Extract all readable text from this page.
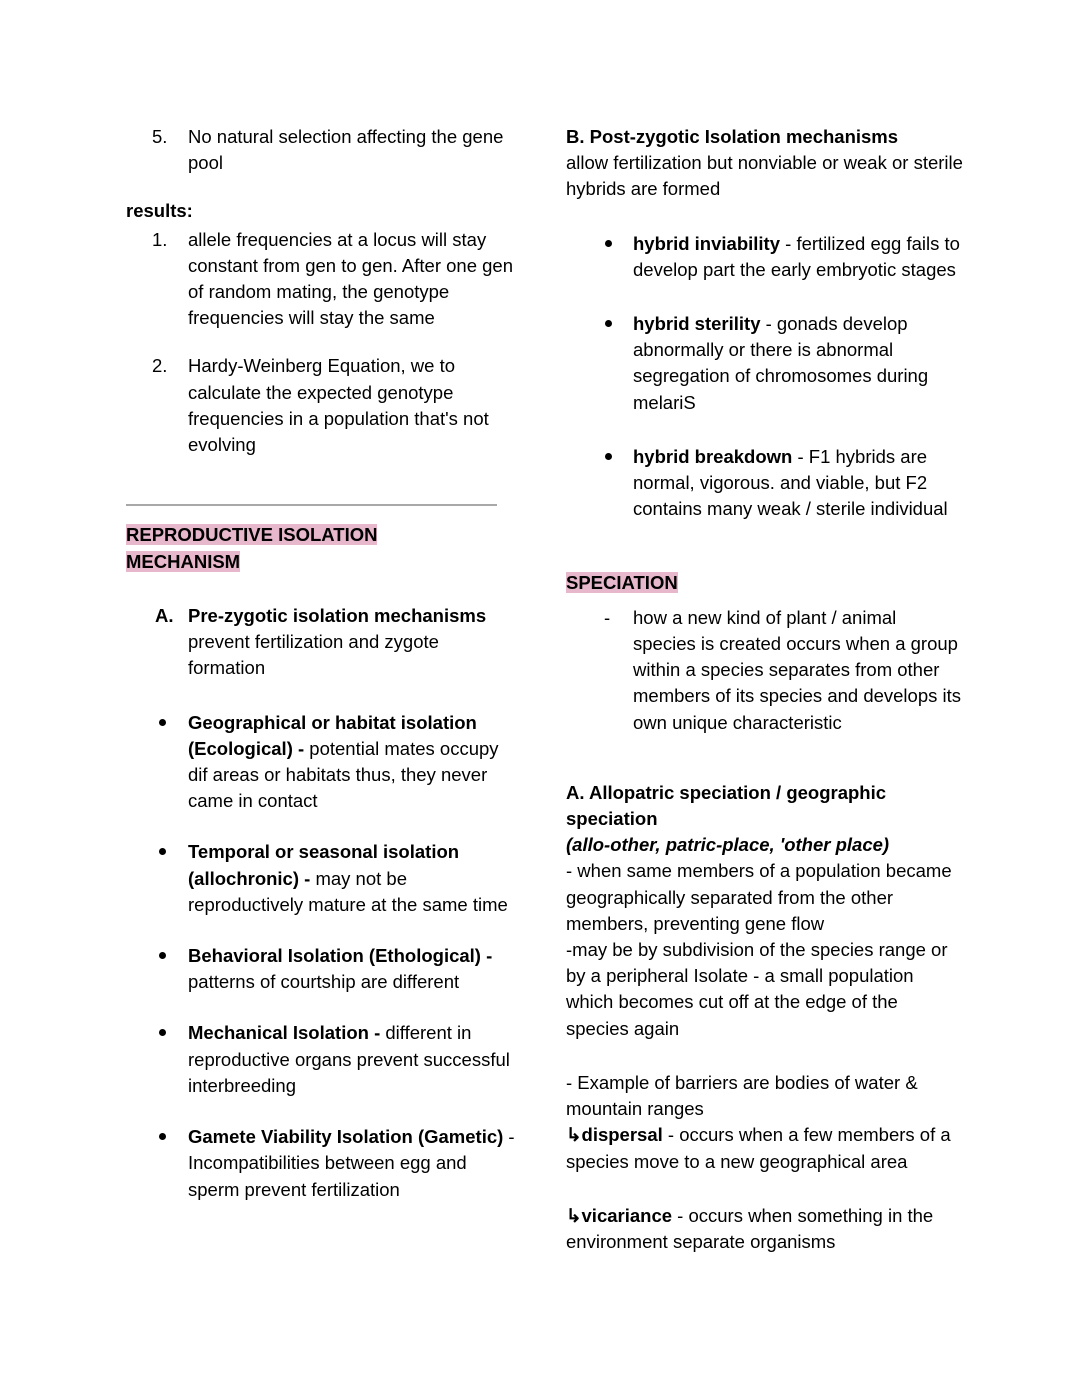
5.	No natural selection affecting the gene pool
results:
1.	allele frequencies at a locus will stay constant from gen to gen. After one gen of random mating, the genotype frequencies will stay the same
2.	Hardy-Weinberg Equation, we to calculate the expected genotype frequencies in a population that's not evolving
REPRODUCTIVE ISOLATION MECHANISM
A. Pre-zygotic isolation mechanisms prevent fertilization and zygote formation
Geographical or habitat isolation (Ecological) - potential mates occupy dif areas or habitats thus, they never came in contact
Temporal or seasonal isolation (allochronic) - may not be reproductively mature at the same time
Behavioral Isolation (Ethological) - patterns of courtship are different
Mechanical Isolation - different in reproductive organs prevent successful interbreeding
Gamete Viability Isolation (Gametic) - Incompatibilities between egg and sperm prevent fertilization
B. Post-zygotic Isolation mechanisms
allow fertilization but nonviable or weak or sterile hybrids are formed
hybrid inviability - fertilized egg fails to develop part the early embryotic stages
hybrid sterility - gonads develop abnormally or there is abnormal segregation of chromosomes during melariS
hybrid breakdown - F1 hybrids are normal, vigorous. and viable, but F2 contains many weak / sterile individual
SPECIATION
- how a new kind of plant / animal species is created occurs when a group within a species separates from other members of its species and develops its own unique characteristic
A. Allopatric speciation / geographic speciation
(allo-other, patric-place, 'other place)
- when same members of a population became geographically separated from the other members, preventing gene flow
-may be by subdivision of the species range or by a peripheral Isolate - a small population which becomes cut off at the edge of the species again
- Example of barriers are bodies of water & mountain ranges
↳dispersal - occurs when a few members of a species move to a new geographical area
↳vicariance - occurs when something in the environment separate organisms
